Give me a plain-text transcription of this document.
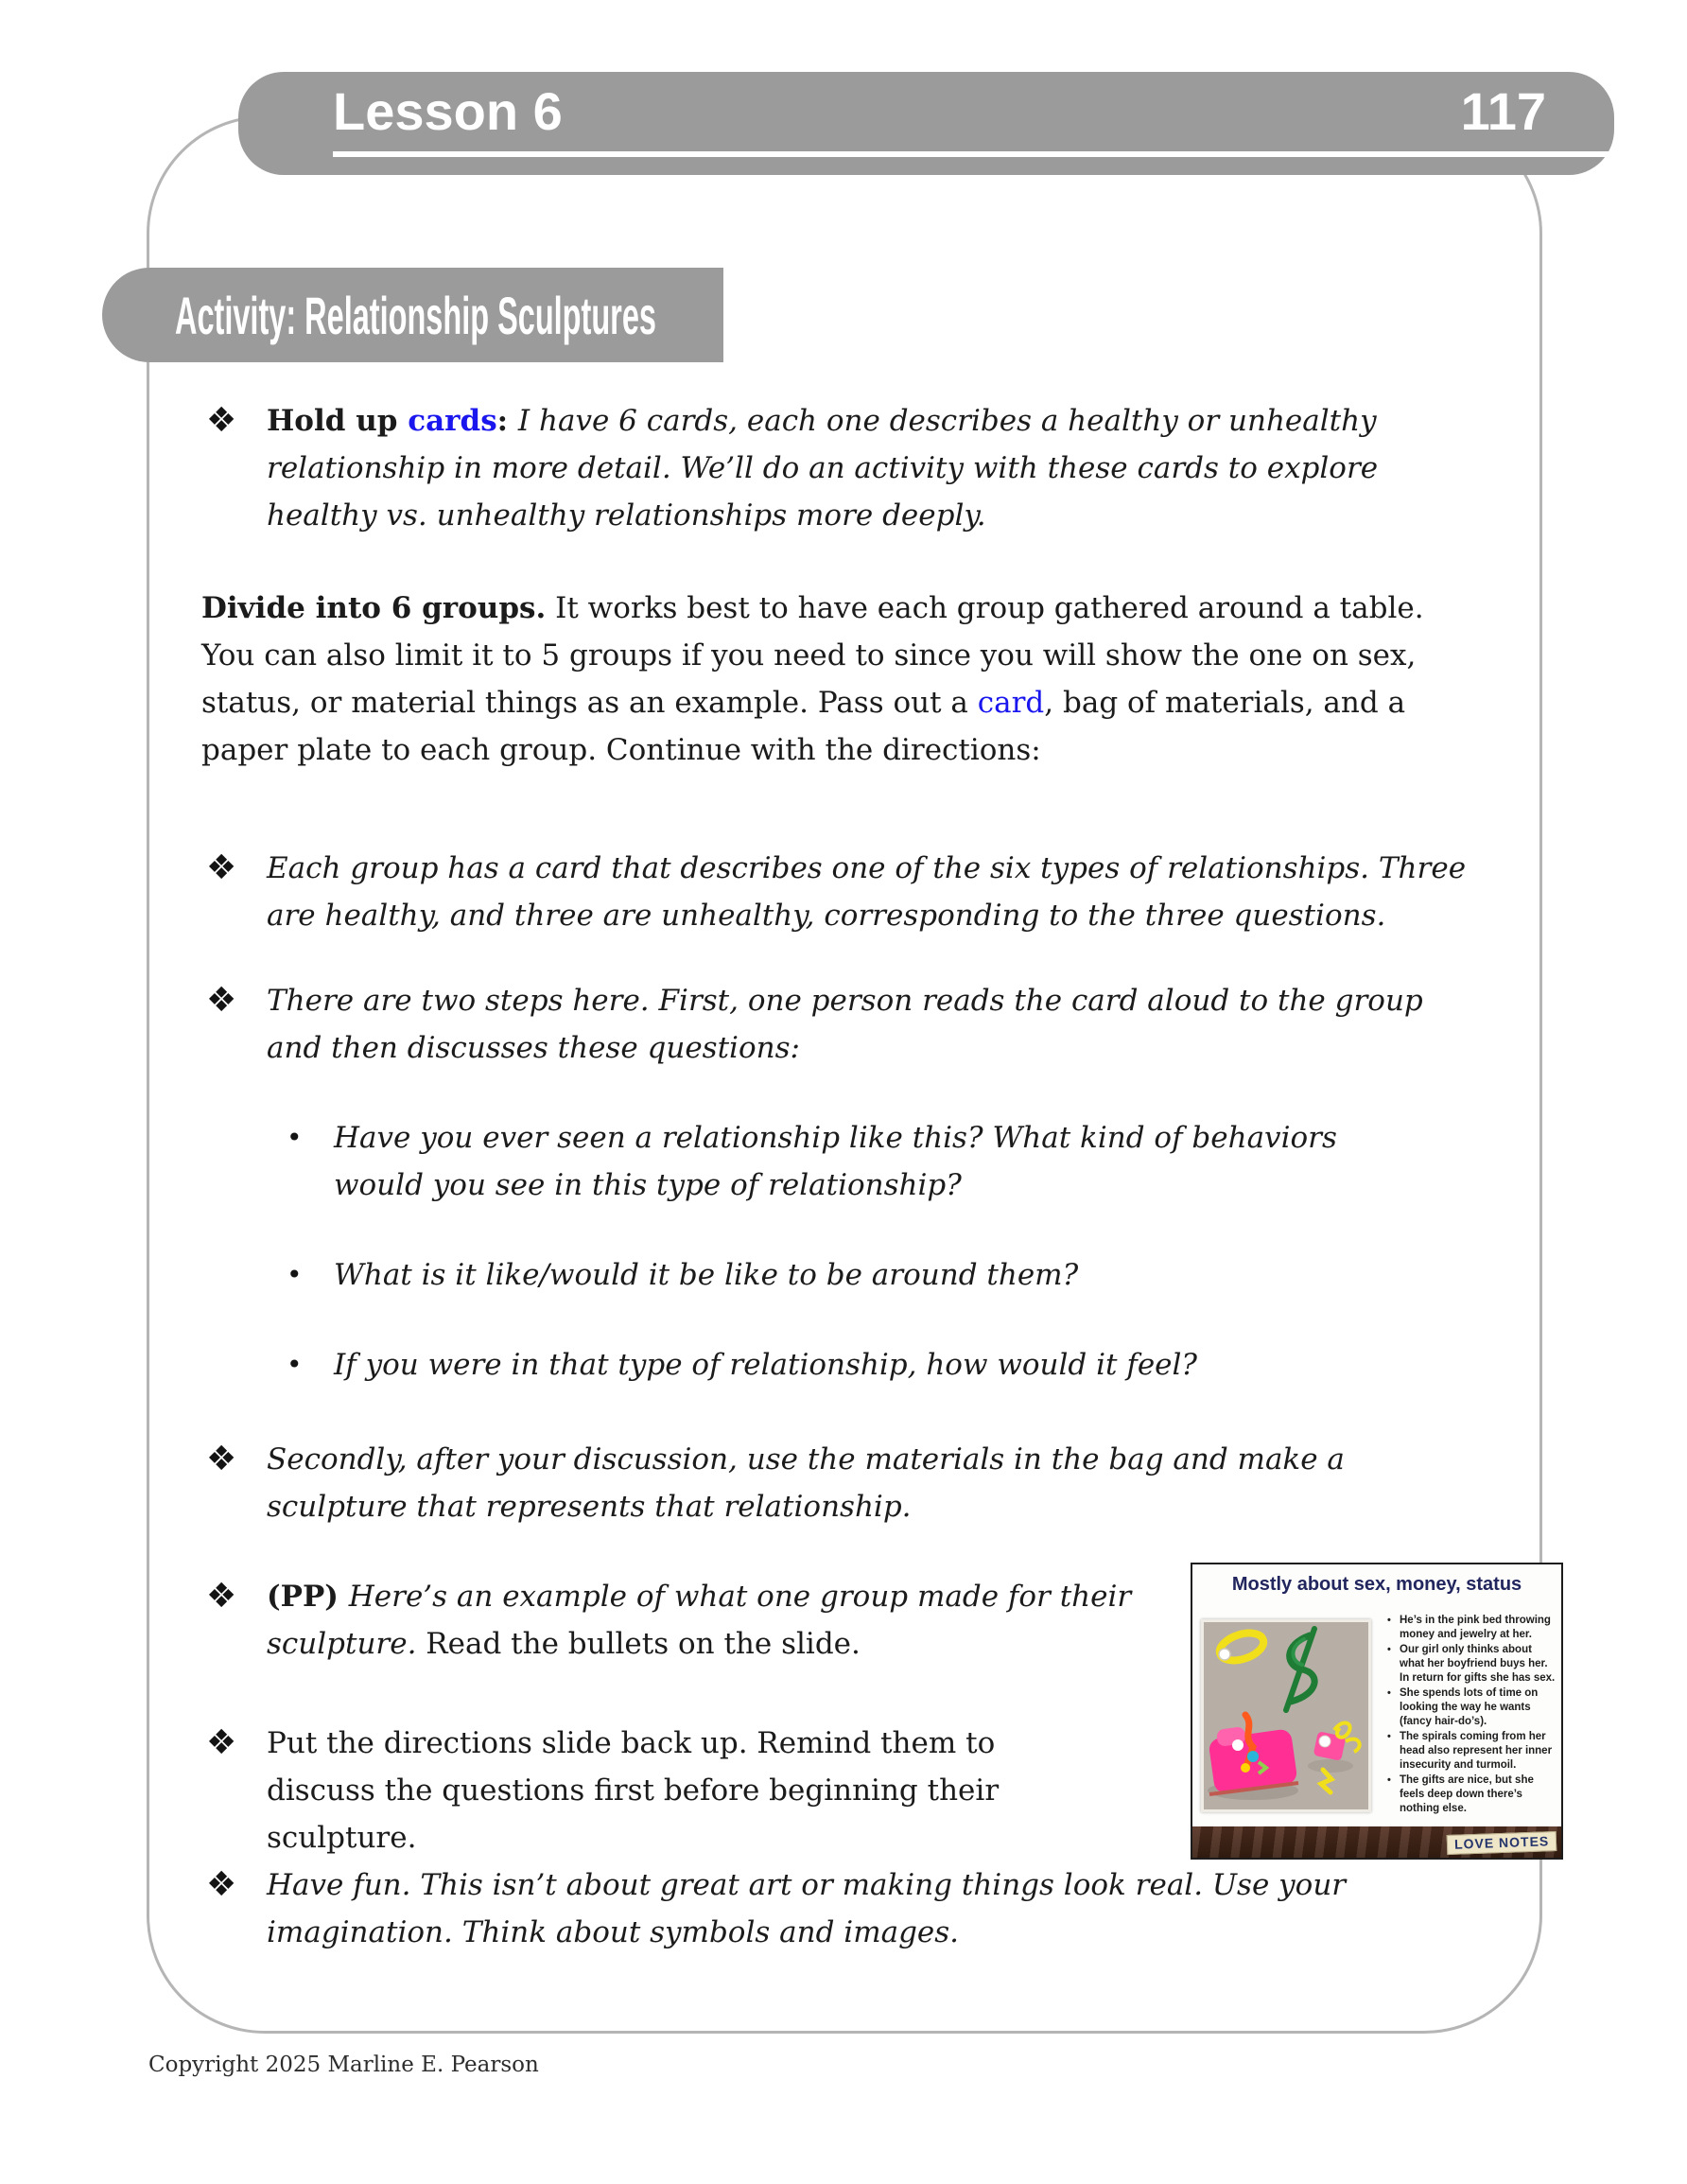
Lesson 6	117
Activity: Relationship Sculptures
❖	Hold up cards: I have 6 cards, each one describes a healthy or unhealthy relationship in more detail. We’ll do an activity with these cards to explore healthy vs. unhealthy relationships more deeply.
Divide into 6 groups. It works best to have each group gathered around a table. You can also limit it to 5 groups if you need to since you will show the one on sex, status, or material things as an example. Pass out a card, bag of materials, and a paper plate to each group. Continue with the directions:
❖	Each group has a card that describes one of the six types of relationships. Three are healthy, and three are unhealthy, corresponding to the three questions.
❖	There are two steps here. First, one person reads the card aloud to the group and then discusses these questions:
•	Have you ever seen a relationship like this? What kind of behaviors would you see in this type of relationship?
•	What is it like/would it be like to be around them?
•	If you were in that type of relationship, how would it feel?
❖	Secondly, after your discussion, use the materials in the bag and make a sculpture that represents that relationship.
❖	(PP) Here’s an example of what one group made for their sculpture. Read the bullets on the slide.
❖	Put the directions slide back up. Remind them to discuss the questions first before beginning their sculpture.
❖	Have fun. This isn’t about great art or making things look real. Use your imagination. Think about symbols and images.
Mostly about sex, money, status
• He’s in the pink bed throwing money and jewelry at her.
• Our girl only thinks about what her boyfriend buys her. In return for gifts she has sex.
• She spends lots of time on looking the way he wants (fancy hair-do’s).
• The spirals coming from her head also represent her inner insecurity and turmoil.
• The gifts are nice, but she feels deep down there’s nothing else.
LOVE NOTES
Copyright 2025 Marline E. Pearson
